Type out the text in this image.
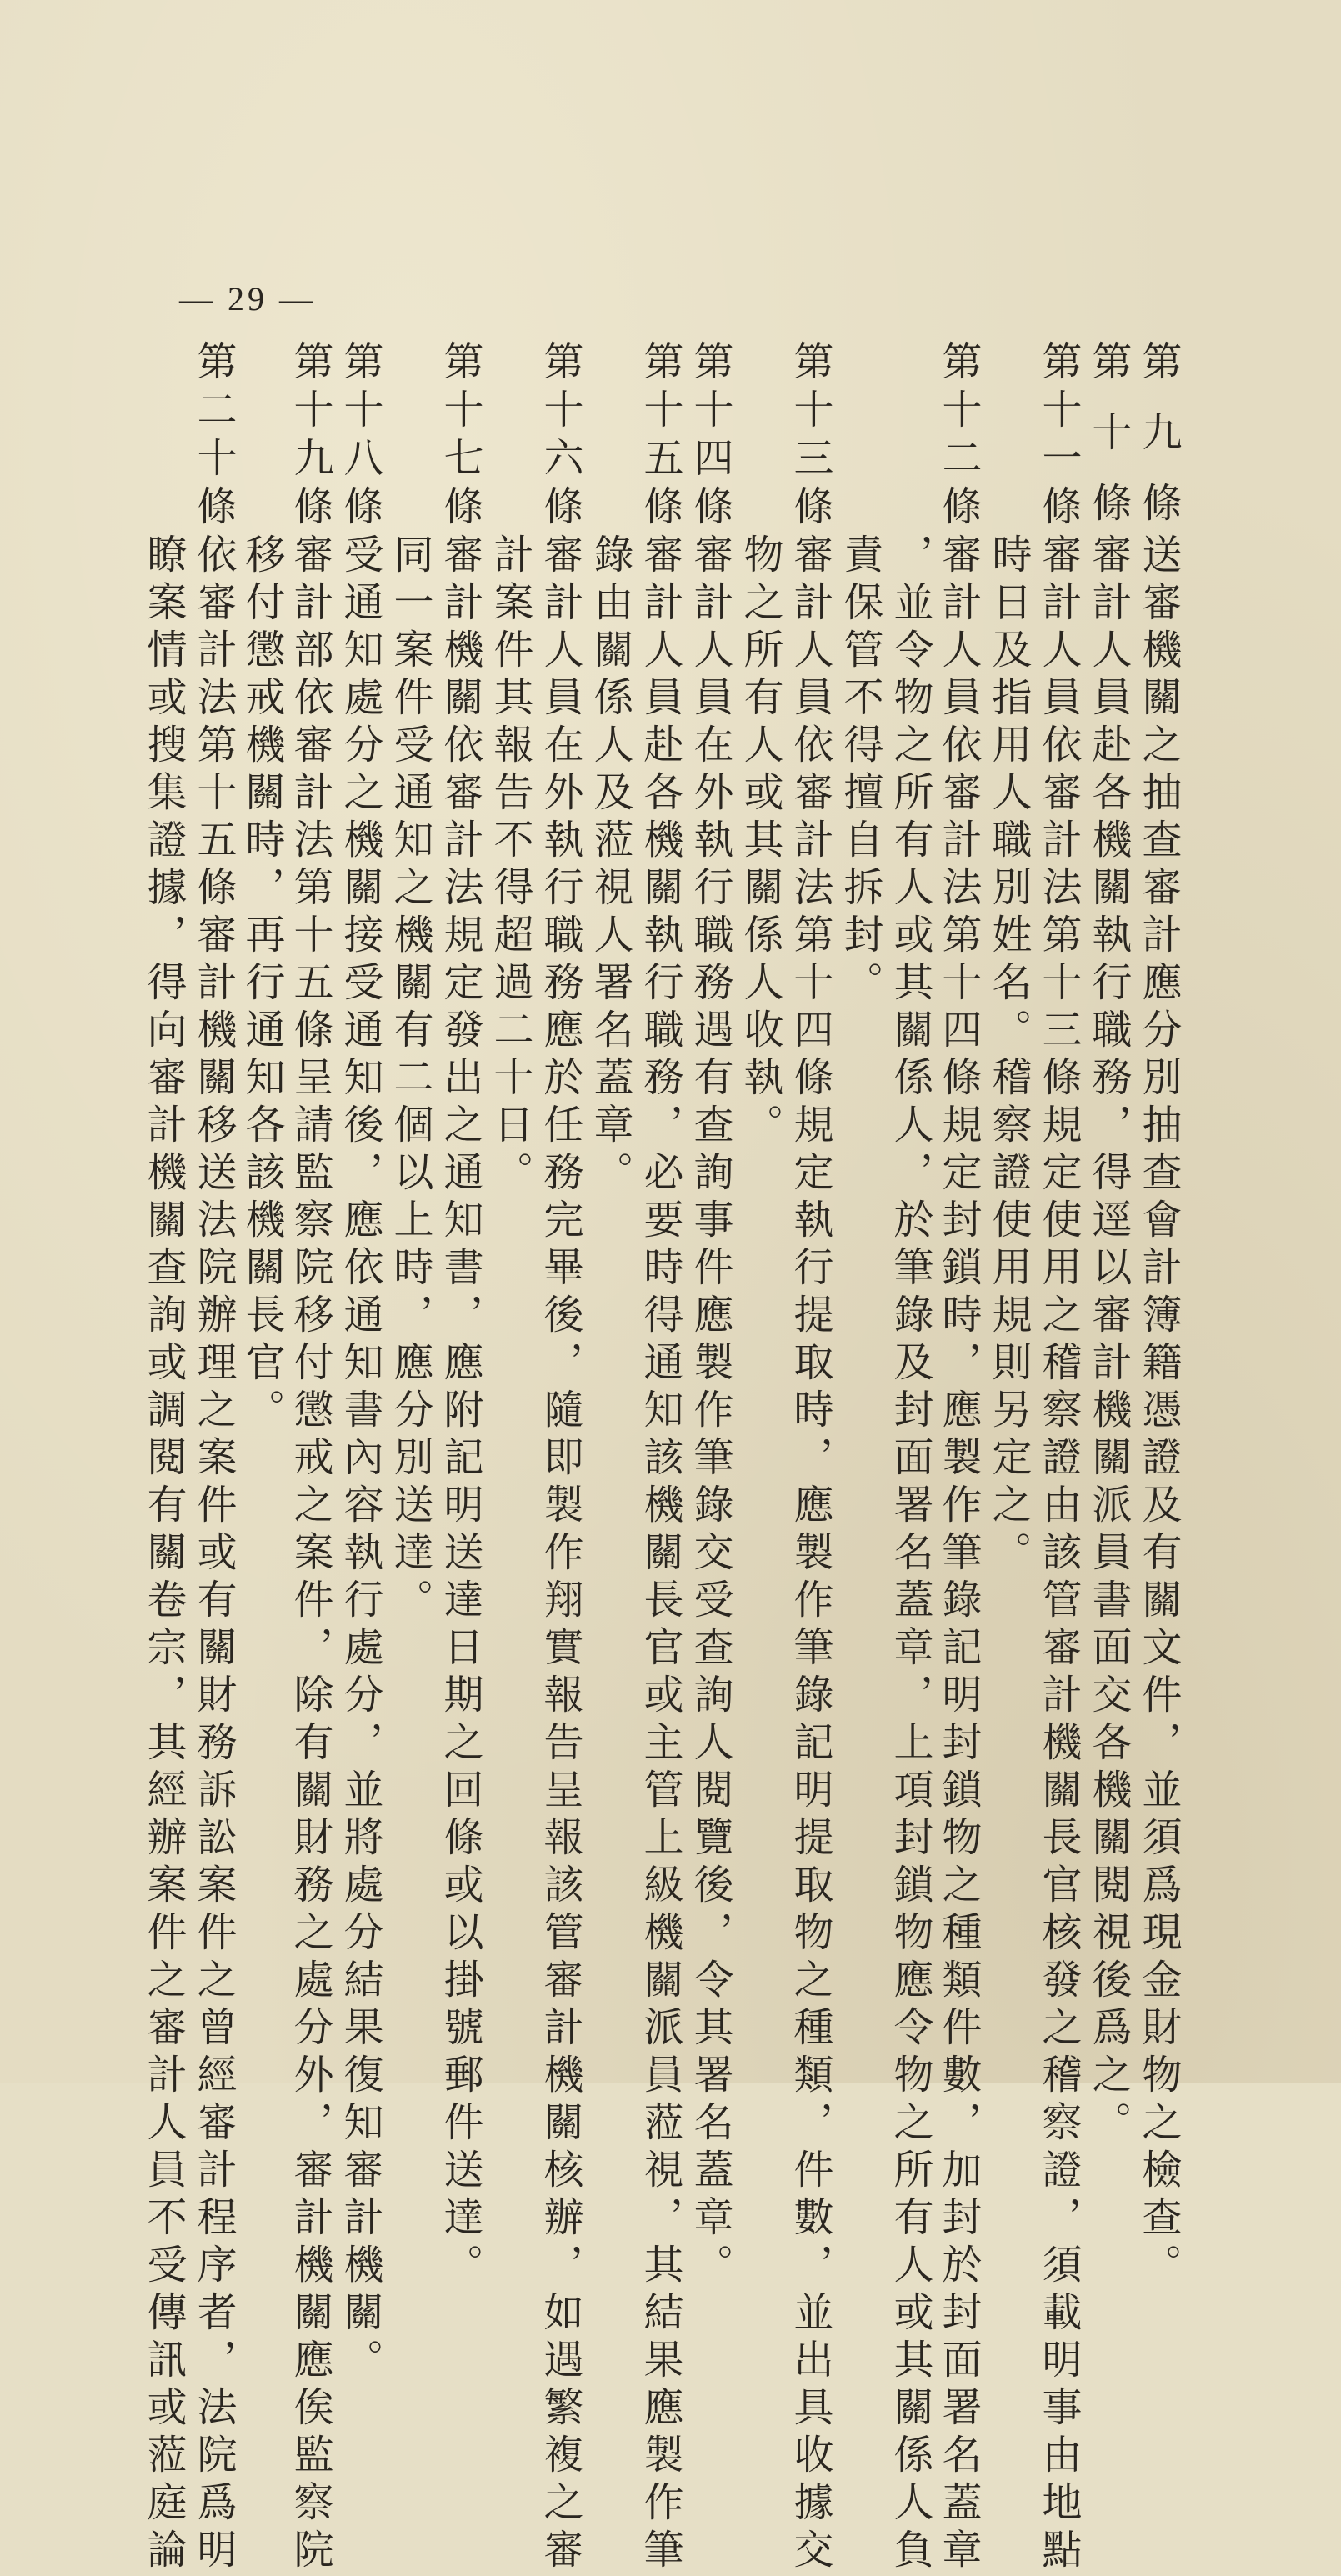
— 29 —
第九條
送審機關之抽查審計應分別抽查會計簿籍憑證及有關文件，並須爲現金財物之檢查。
第十條
審計人員赴各機關執行職務，得逕以審計機關派員書面交各機關閱視後爲之。
第十一條
審計人員依審計法第十三條規定使用之稽察證由該管審計機關長官核發之稽察證，須載明事由地點
時日及指用人職別姓名。稽察證使用規則另定之。
第十二條
審計人員依審計法第十四條規定封鎖時，應製作筆錄記明封鎖物之種類件數，加封於封面署名蓋章
，並令物之所有人或其關係人，於筆錄及封面署名蓋章，上項封鎖物應令物之所有人或其關係人負
責保管不得擅自拆封。
第十三條
審計人員依審計法第十四條規定執行提取時，應製作筆錄記明提取物之種類，件數，並出具收據交
物之所有人或其關係人收執。
第十四條
審計人員在外執行職務遇有查詢事件應製作筆錄交受查詢人閱覽後，令其署名蓋章。
第十五條
審計人員赴各機關執行職務，必要時得通知該機關長官或主管上級機關派員蒞視，其結果應製作筆
錄由關係人及蒞視人署名蓋章。
第十六條
審計人員在外執行職務應於任務完畢後，隨即製作翔實報告呈報該管審計機關核辦，如遇繁複之審
計案件其報告不得超過二十日。
第十七條
審計機關依審計法規定發出之通知書，應附記明送達日期之回條或以掛號郵件送達。
同一案件受通知之機關有二個以上時，應分別送達。
第十八條
受通知處分之機關接受通知後，應依通知書內容執行處分，並將處分結果復知審計機關。
第十九條
審計部依審計法第十五條呈請監察院移付懲戒之案件，除有關財務之處分外，審計機關應俟監察院
移付懲戒機關時，再行通知各該機關長官。
第二十條
依審計法第十五條審計機關移送法院辦理之案件或有關財務訴訟案件之曾經審計程序者，法院爲明
瞭案情或搜集證據，得向審計機關查詢或調閱有關卷宗，其經辦案件之審計人員不受傳訊或蒞庭論
